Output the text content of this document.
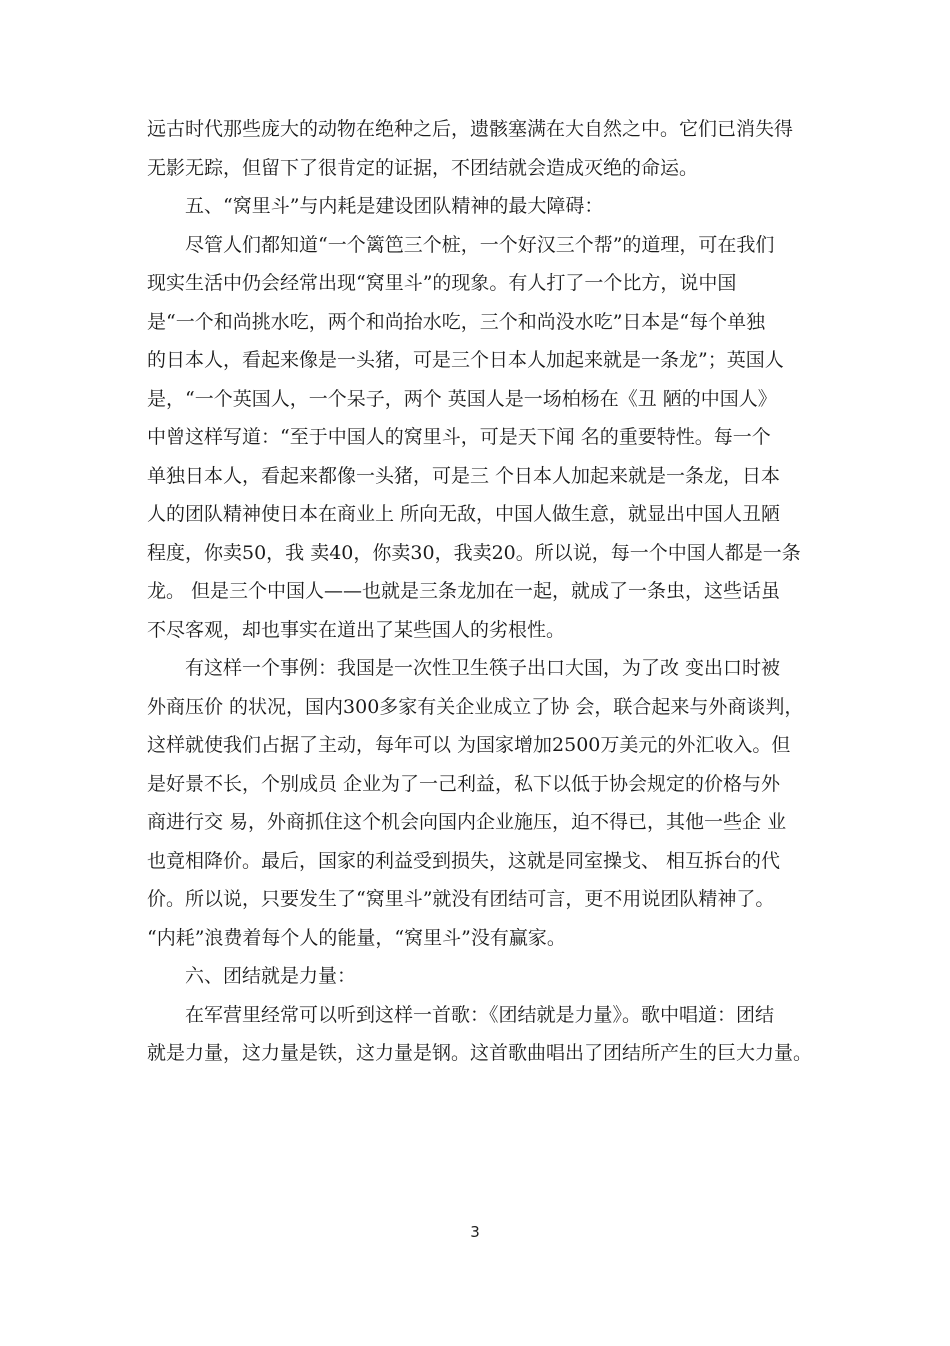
远古时代那些庞大的动物在绝种之后，遗骸塞满在大自然之中。它们已消失得
无影无踪，但留下了很肯定的证据，不团结就会造成灭绝的命运。
五、“窝里斗”与内耗是建设团队精神的最大障碍：
尽管人们都知道“一个篱笆三个桩，一个好汉三个帮”的道理，可在我们
现实生活中仍会经常出现“窝里斗”的现象。有人打了一个比方，说中国
是“一个和尚挑水吃，两个和尚抬水吃，三个和尚没水吃”日本是“每个单独
的日本人，看起来像是一头猪，可是三个日本人加起来就是一条龙”；英国人
是，“一个英国人，一个呆子，两个 英国人是一场柏杨在《丑 陋的中国人》
中曾这样写道：“至于中国人的窝里斗，可是天下闻 名的重要特性。每一个
单独日本人，看起来都像一头猪，可是三 个日本人加起来就是一条龙，日本
人的团队精神使日本在商业上 所向无敌，中国人做生意，就显出中国人丑陋
程度，你卖50，我 卖40，你卖30，我卖20。所以说，每一个中国人都是一条
龙。 但是三个中国人——也就是三条龙加在一起，就成了一条虫，这些话虽
不尽客观，却也事实在道出了某些国人的劣根性。
有这样一个事例：我国是一次性卫生筷子出口大国，为了改 变出口时被
外商压价 的状况，国内300多家有关企业成立了协 会，联合起来与外商谈判，
这样就使我们占据了主动，每年可以 为国家增加2500万美元的外汇收入。但
是好景不长，个别成员 企业为了一己利益，私下以低于协会规定的价格与外
商进行交 易，外商抓住这个机会向国内企业施压，迫不得已，其他一些企 业
也竟相降价。最后，国家的利益受到损失，这就是同室操戈、 相互拆台的代
价。所以说，只要发生了“窝里斗”就没有团结可言，更不用说团队精神了。
“内耗”浪费着每个人的能量，“窝里斗”没有赢家。
六、团结就是力量：
在军营里经常可以听到这样一首歌：《团结就是力量》。歌中唱道：团结
就是力量，这力量是铁，这力量是钢。这首歌曲唱出了团结所产生的巨大力量。
3
